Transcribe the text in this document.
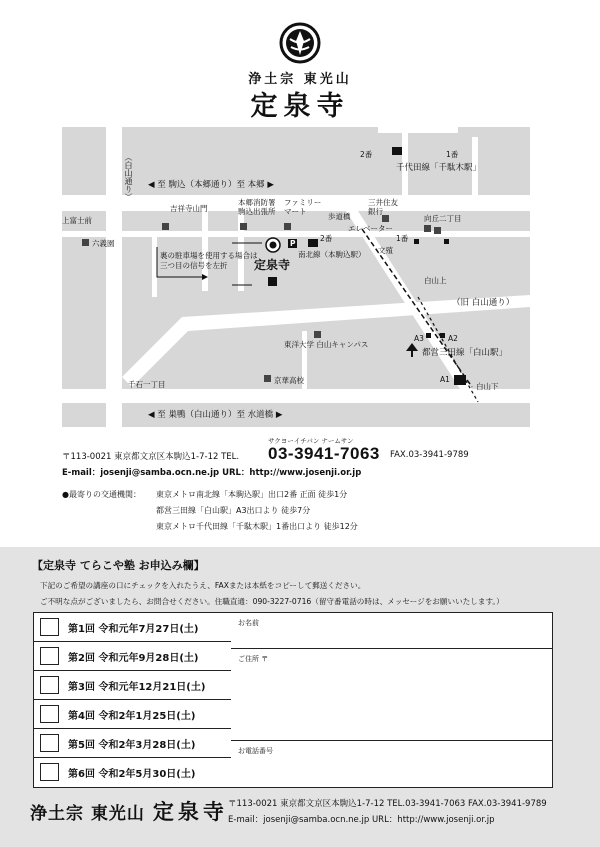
浄土宗 東光山
定泉寺
（白山通り） ◀ 至 駒込（本郷通り）至 本郷 ▶
吉祥寺山門
本郷消防署
駒込出張所
ファミリー
マート
歩道橋
上富士前
六義園
裏の駐車場を使用する場合は
三つ目の信号を左折	定泉寺
2番
南北線（本駒込駅）
エレベーター
三井住友
銀行
向丘二丁目
文殖
1番
2番	1番
千代田線「千駄木駅」
白山上
（旧 白山通り）
東洋大学 白山キャンパス
A3	A2
A1
都営三田線「白山駅」
白山下
千石一丁目	京華高校
◀ 至 巣鴨（白山通り）至 水道橋 ▶
P
〒113-0021 東京都文京区本駒込1-7-12 TEL.
サクヨーイチバン ナームサン
03-3941-7063 FAX.03-3941-9789
E-mail：josenji@samba.ocn.ne.jp URL：http://www.josenji.or.jp
●最寄りの交通機関： 東京メトロ南北線「本駒込駅」出口2番 正面 徒歩1分
都営三田線「白山駅」A3出口より 徒歩7分
東京メトロ千代田線「千駄木駅」1番出口より 徒歩12分
【定泉寺 てらこや塾 お申込み欄】
下記のご希望の講座の口にチェックを入れたうえ、FAXまたは本紙をコピーして郵送ください。
ご不明な点がございましたら、お問合せください。住職直通：090-3227-0716（留守番電話の時は、メッセージをお願いいたします。）
第1回 令和元年7月27日(土)
第2回 令和元年9月28日(土)
第3回 令和元年12月21日(土)
第4回 令和2年1月25日(土)
第5回 令和2年3月28日(土)
第6回 令和2年5月30日(土)
お名前
ご住所 〒
お電話番号
浄土宗 東光山 定泉寺 〒113-0021 東京都文京区本駒込1-7-12 TEL.03-3941-7063 FAX.03-3941-9789
E-mail：josenji@samba.ocn.ne.jp URL：http://www.josenji.or.jp
